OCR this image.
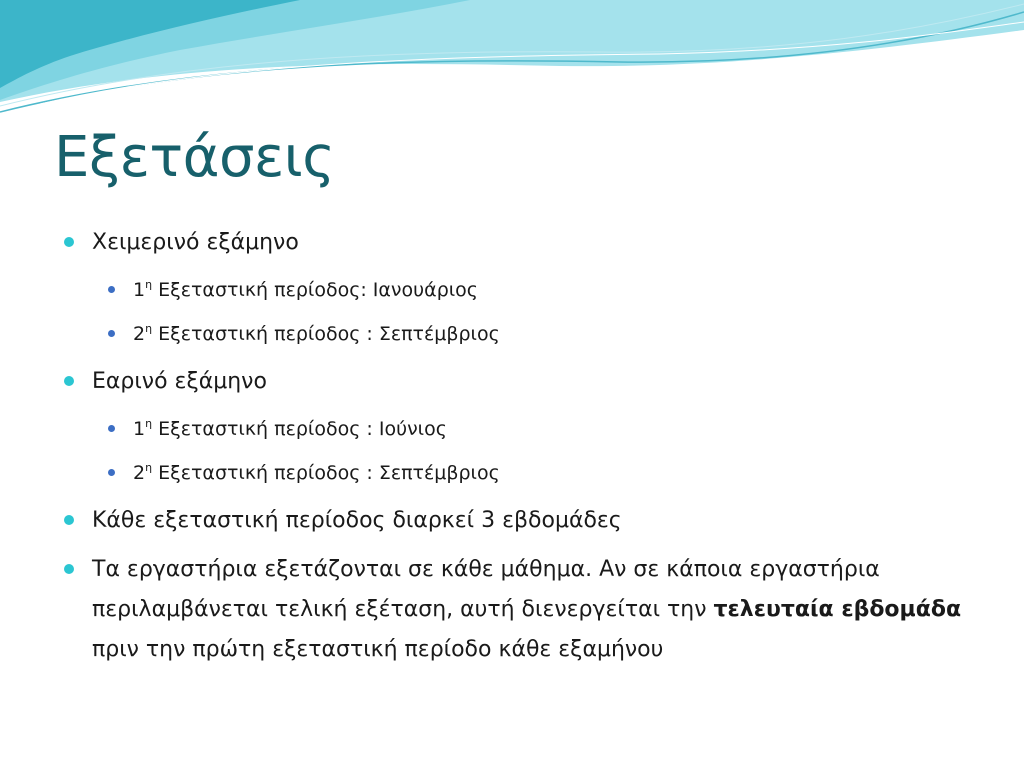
Εξετάσεις

Χειμερινό εξάμηνο

$1^\eta$ Εξεταστική περίοδος: Ιανουάριος

$2^\eta$ Εξεταστική περίοδος : Σεπτέμβριος

Εαρινό εξάμηνο

$1^\eta$ Εξεταστική περίοδος : Ιούνιος

$2^\eta$ Εξεταστική περίοδος : Σεπτέμβριος

Κάθε εξεταστική περίοδος διαρκεί 3 εβδομάδες

Τα εργαστήρια εξετάζονται σε κάθε μάθημα. Αν σε κάποια εργαστήρια περιλαμβάνεται τελική εξέταση, αυτή διενεργείται την τελευταία εβδομάδα πριν την πρώτη εξεταστική περίοδο κάθε εξαμήνου
